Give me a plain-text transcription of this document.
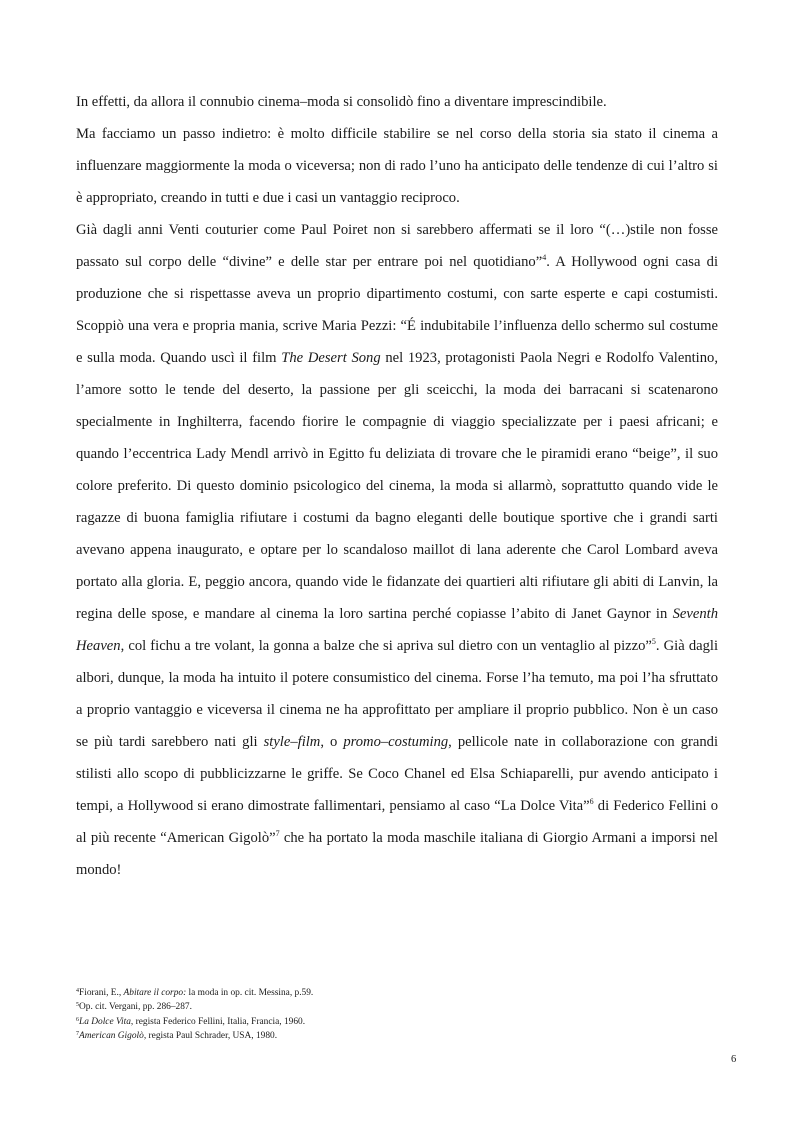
In effetti, da allora il connubio cinema–moda si consolidò fino a diventare imprescindibile.

Ma facciamo un passo indietro: è molto difficile stabilire se nel corso della storia sia stato il cinema a influenzare maggiormente la moda o viceversa; non di rado l’uno ha anticipato delle tendenze di cui l’altro si è appropriato, creando in tutti e due i casi un vantaggio reciproco.

Già dagli anni Venti couturier come Paul Poiret non si sarebbero affermati se il loro “(…)stile non fosse passato sul corpo delle “divine” e delle star per entrare poi nel quotidiano”$^4$. A Hollywood ogni casa di produzione che si rispettasse aveva un proprio dipartimento costumi, con sarte esperte e capi costumisti. Scoppiò una vera e propria mania, scrive Maria Pezzi: “É indubitabile l’influenza dello schermo sul costume e sulla moda. Quando uscì il film The Desert Song nel 1923, protagonisti Paola Negri e Rodolfo Valentino, l’amore sotto le tende del deserto, la passione per gli sceicchi, la moda dei barracani si scatenarono specialmente in Inghilterra, facendo fiorire le compagnie di viaggio specializzate per i paesi africani; e quando l’eccentrica Lady Mendl arrivò in Egitto fu deliziata di trovare che le piramidi erano “beige”, il suo colore preferito. Di questo dominio psicologico del cinema, la moda si allarmò, soprattutto quando vide le ragazze di buona famiglia rifiutare i costumi da bagno eleganti delle boutique sportive che i grandi sarti avevano appena inaugurato, e optare per lo scandaloso maillot di lana aderente che Carol Lombard aveva portato alla gloria. E, peggio ancora, quando vide le fidanzate dei quartieri alti rifiutare gli abiti di Lanvin, la regina delle spose, e mandare al cinema la loro sartina perché copiasse l’abito di Janet Gaynor in Seventh Heaven, col fichu a tre volant, la gonna a balze che si apriva sul dietro con un ventaglio al pizzo”$^5$. Già dagli albori, dunque, la moda ha intuito il potere consumistico del cinema. Forse l’ha temuto, ma poi l’ha sfruttato a proprio vantaggio e viceversa il cinema ne ha approfittato per ampliare il proprio pubblico. Non è un caso se più tardi sarebbero nati gli style–film, o promo–costuming, pellicole nate in collaborazione con grandi stilisti allo scopo di pubblicizzarne le griffe. Se Coco Chanel ed Elsa Schiaparelli, pur avendo anticipato i tempi, a Hollywood si erano dimostrate fallimentari, pensiamo al caso “La Dolce Vita”$^6$ di Federico Fellini o al più recente “American Gigolò”$^7$ che ha portato la moda maschile italiana di Giorgio Armani a imporsi nel mondo!

$^4$Fiorani, E., Abitare il corpo: la moda in op. cit. Messina, p.59.
$^5$Op. cit. Vergani, pp. 286–287.
$^6$La Dolce Vita, regista Federico Fellini, Italia, Francia, 1960.
$^7$American Gigolò, regista Paul Schrader, USA, 1980.
6
